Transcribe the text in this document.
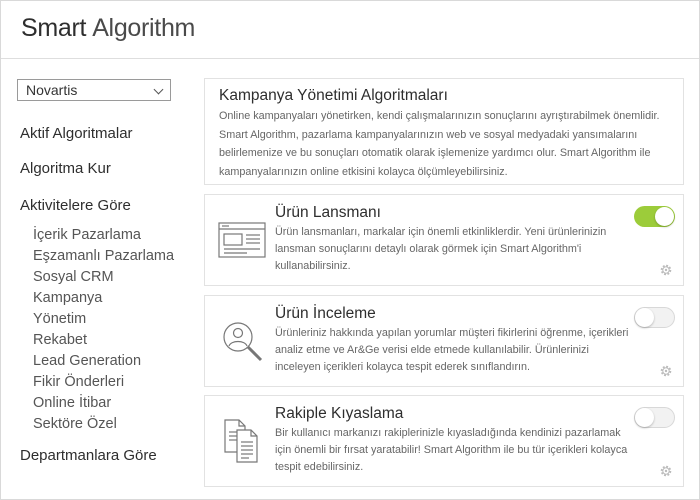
Smart Algorithm
Novartis
Aktif Algoritmalar
Algoritma Kur
Aktivitelere Göre
İçerik Pazarlama
Eşzamanlı Pazarlama
Sosyal CRM
Kampanya
Yönetim
Rekabet
Lead Generation
Fikir Önderleri
Online İtibar
Sektöre Özel
Departmanlara Göre
Kampanya Yönetimi Algoritmaları
Online kampanyaları yönetirken, kendi çalışmalarınızın sonuçlarını ayrıştırabilmek önemlidir. Smart Algorithm, pazarlama kampanyalarınızın web ve sosyal medyadaki yansımalarını belirlemenize ve bu sonuçları otomatik olarak işlemenize yardımcı olur. Smart Algorithm ile kampanyalarınızın online etkisini kolayca ölçümleyebilirsiniz.
Ürün Lansmanı
Ürün lansmanları, markalar için önemli etkinliklerdir. Yeni ürünlerinizin lansman sonuçlarını detaylı olarak görmek için Smart Algorithm'i kullanabilirsiniz.
Ürün İnceleme
Ürünleriniz hakkında yapılan yorumlar müşteri fikirlerini öğrenme, içerikleri analiz etme ve Ar&Ge verisi elde etmede kullanılabilir. Ürünlerinizi inceleyen içerikleri kolayca tespit ederek sınıflandırın.
Rakiple Kıyaslama
Bir kullanıcı markanızı rakiplerinizle kıyasladığında kendinizi pazarlamak için önemli bir fırsat yaratabilir! Smart Algorithm ile bu tür içerikleri kolayca tespit edebilirsiniz.
